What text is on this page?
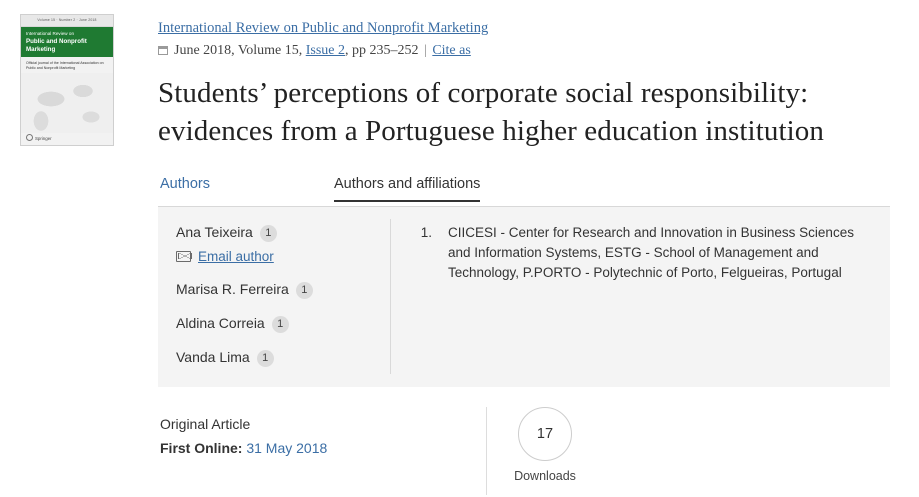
Volume 15 · Number 2 · June 2018
International Review on
Public and Nonprofit Marketing
Official journal of the International Association on Public and Nonprofit Marketing
Springer
International Review on Public and Nonprofit Marketing
June 2018, Volume 15, Issue 2, pp 235–252 | Cite as
Students’ perceptions of corporate social responsibility: evidences from a Portuguese higher education institution
Authors	Authors and affiliations
Ana Teixeira 1
Email author
Marisa R. Ferreira 1
Aldina Correia 1
Vanda Lima 1
1. CIICESI - Center for Research and Innovation in Business Sciences and Information Systems, ESTG - School of Management and Technology, P.PORTO - Polytechnic of Porto, Felgueiras, Portugal
Original Article
First Online: 31 May 2018
17
Downloads
